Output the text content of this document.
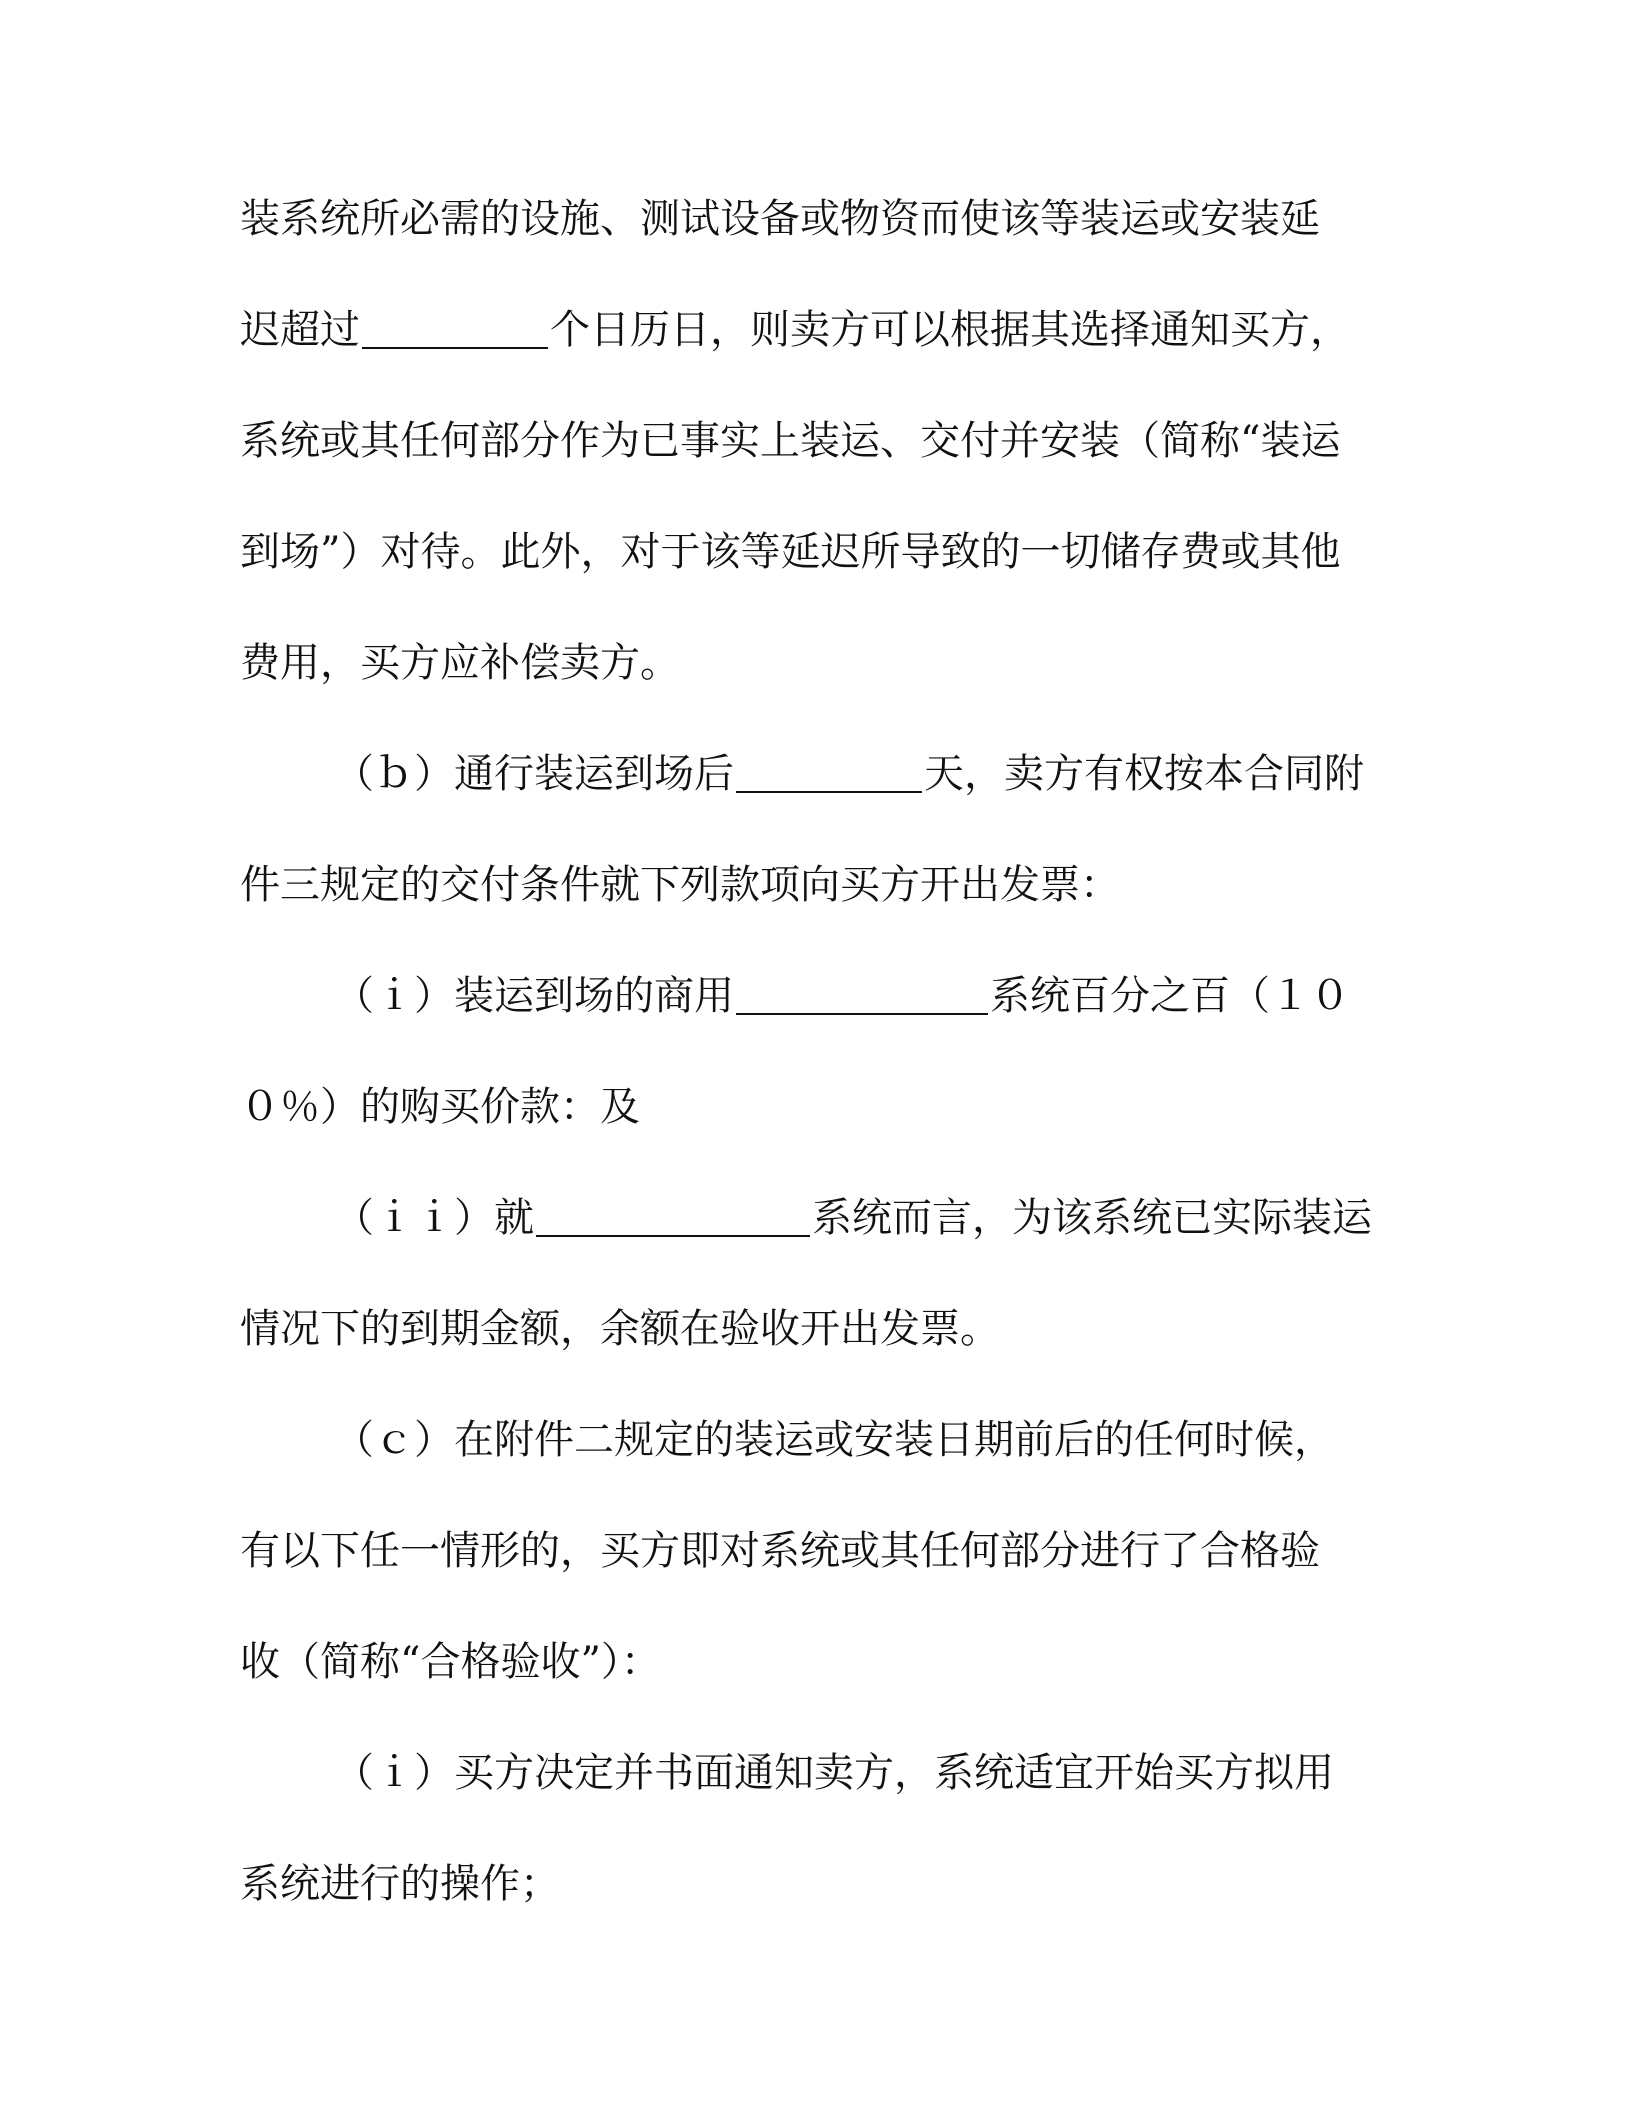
装系统所必需的设施、测试设备或物资而使该等装运或安装延
迟超过	个日历日，则卖方可以根据其选择通知买方，
系统或其任何部分作为已事实上装运、交付并安装（简称“装运
到场”）对待。此外，对于该等延迟所导致的一切储存费或其他
费用，买方应补偿卖方。
（ｂ）通行装运到场后	天，卖方有权按本合同附
件三规定的交付条件就下列款项向买方开出发票：
（ｉ）装运到场的商用	系统百分之百（１０
０％）的购买价款：及
（ｉｉ）就	系统而言，为该系统已实际装运
情况下的到期金额，余额在验收开出发票。
（ｃ）在附件二规定的装运或安装日期前后的任何时候，
有以下任一情形的，买方即对系统或其任何部分进行了合格验
收（简称“合格验收”）：
（ｉ）买方决定并书面通知卖方，系统适宜开始买方拟用
系统进行的操作；
